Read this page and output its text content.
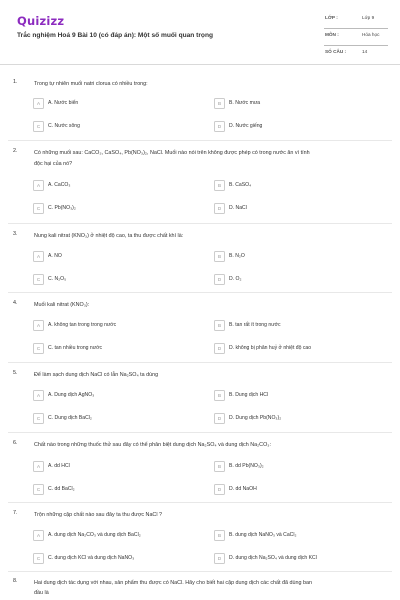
Quizizz
Trắc nghiệm Hoá 9 Bài 10 (có đáp án): Một số muối quan trọng
LỚP :	Lớp 9
MÔN :	Hóa học
SỐ CÂU :	14
1.	Trong tự nhiên muối natri clorua có nhiều trong:
A	A. Nước biển	B	B. Nước mưa
C	C. Nước sông	D	D. Nước giếng
2.	Có những muối sau: CaCO₃, CaSO₄, Pb(NO₃)₂, NaCl. Muối nào nói trên không được phép có trong nước ăn vì tính
độc hại của nó?
A	A. CaCO₃	B	B. CaSO₄
C	C. Pb(NO₃)₂	D	D. NaCl
3.	Nung kali nitrat (KNO₃) ở nhiệt độ cao, ta thu được chất khí là:
A	A. NO	B	B. N₂O
C	C. N₂O₅	D	D. O₂
4.	Muối kali nitrat (KNO₃):
A	A. không tan trong trong nước	B	B. tan rất ít trong nước
C	C. tan nhiều trong nước	D	D. không bị phân huỷ ở nhiệt độ cao
5.	Để làm sạch dung dịch NaCl có lẫn Na₂SO₄ ta dùng
A	A. Dung dịch AgNO₃	B	B. Dung dịch HCl
C	C. Dung dịch BaCl₂	D	D. Dung dịch Pb(NO₃)₂
6.	Chất nào trong những thuốc thử sau đây có thể phân biệt dung dịch Na₂SO₄ và dung dịch Na₂CO₃:
A	A. dd HCl	B	B. dd Pb(NO₃)₂
C	C. dd BaCl₂	D	D. dd NaOH
7.	Trộn những cặp chất nào sau đây ta thu được NaCl ?
A	A. dung dịch Na₂CO₃ và dung dịch BaCl₂	B	B. dung dịch NaNO₃ và CaCl₂
C	C. dung dịch KCl và dung dịch NaNO₃	D	D. dung dịch Na₂SO₄ và dung dịch KCl
8.	Hai dung dịch tác dụng với nhau, sản phẩm thu được có NaCl. Hãy cho biết hai cặp dung dịch các chất đã dùng ban
đầu là
